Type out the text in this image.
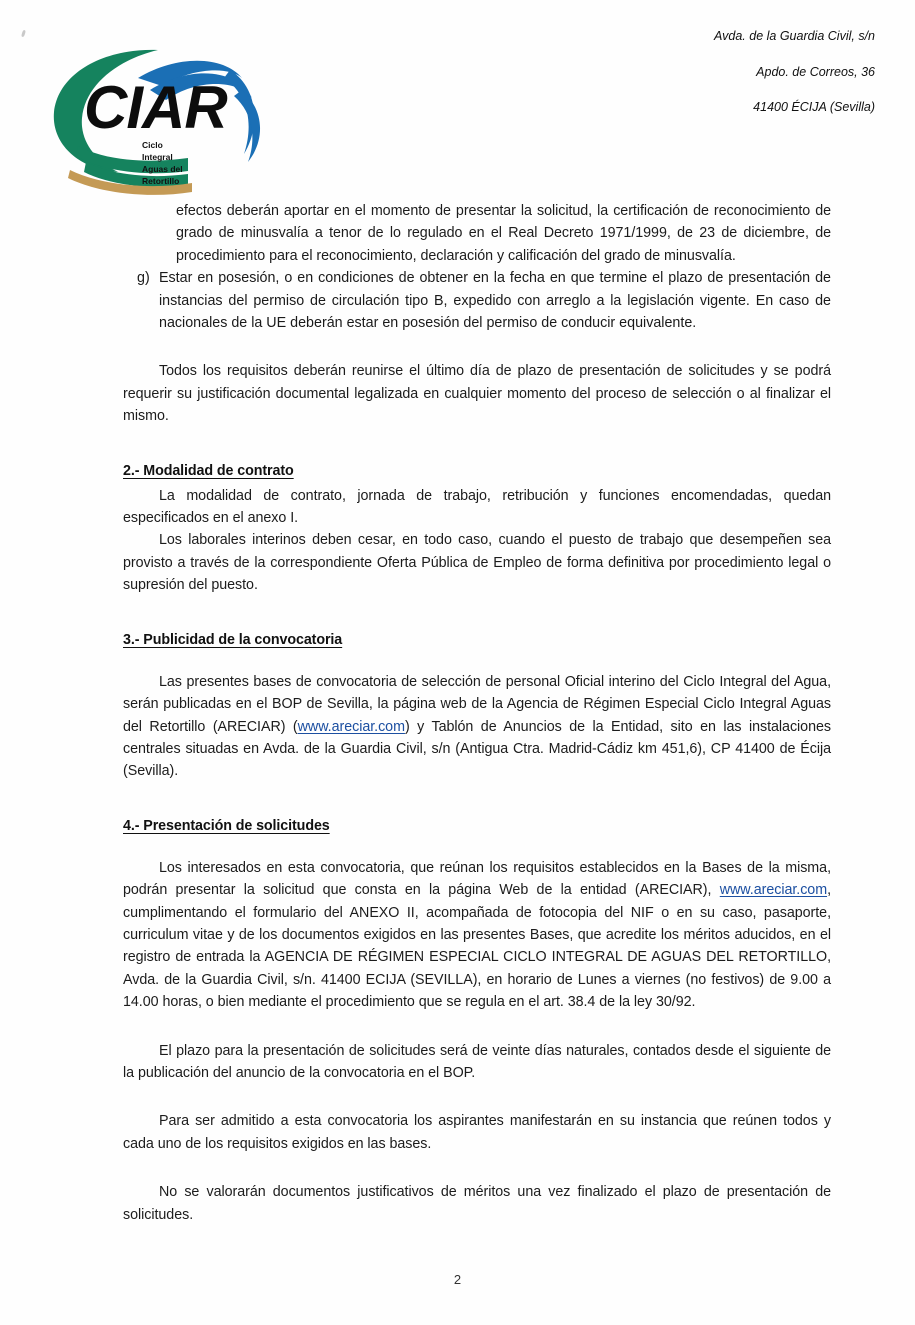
CIAR
Ciclo
Integral
Aguas del
Retortillo
Avda. de la Guardia Civil, s/n
Apdo. de Correos, 36
41400 ÉCIJA (Sevilla)

efectos deberán aportar en el momento de presentar la solicitud, la certificación de reconocimiento de grado de minusvalía a tenor de lo regulado en el Real Decreto 1971/1999, de 23 de diciembre, de procedimiento para el reconocimiento, declaración y calificación del grado de minusvalía.

g) Estar en posesión, o en condiciones de obtener en la fecha en que termine el plazo de presentación de instancias del permiso de circulación tipo B, expedido con arreglo a la legislación vigente. En caso de nacionales de la UE deberán estar en posesión del permiso de conducir equivalente.

Todos los requisitos deberán reunirse el último día de plazo de presentación de solicitudes y se podrá requerir su justificación documental legalizada en cualquier momento del proceso de selección o al finalizar el mismo.

2.- Modalidad de contrato

La modalidad de contrato, jornada de trabajo, retribución y funciones encomendadas, quedan especificados en el anexo I.

Los laborales interinos deben cesar, en todo caso, cuando el puesto de trabajo que desempeñen sea provisto a través de la correspondiente Oferta Pública de Empleo de forma definitiva por procedimiento legal o supresión del puesto.

3.- Publicidad de la convocatoria

Las presentes bases de convocatoria de selección de personal Oficial interino del Ciclo Integral del Agua, serán publicadas en el BOP de Sevilla, la página web de la Agencia de Régimen Especial Ciclo Integral Aguas del Retortillo (ARECIAR) (www.areciar.com) y Tablón de Anuncios de la Entidad, sito en las instalaciones centrales situadas en Avda. de la Guardia Civil, s/n (Antigua Ctra. Madrid-Cádiz km 451,6), CP 41400 de Écija (Sevilla).

4.- Presentación de solicitudes

Los interesados en esta convocatoria, que reúnan los requisitos establecidos en la Bases de la misma, podrán presentar la solicitud que consta en la página Web de la entidad (ARECIAR), www.areciar.com, cumplimentando el formulario del ANEXO II, acompañada de fotocopia del NIF o en su caso, pasaporte, curriculum vitae y de los documentos exigidos en las presentes Bases, que acredite los méritos aducidos, en el registro de entrada la AGENCIA DE RÉGIMEN ESPECIAL CICLO INTEGRAL DE AGUAS DEL RETORTILLO, Avda. de la Guardia Civil, s/n. 41400 ECIJA (SEVILLA), en horario de Lunes a viernes (no festivos) de 9.00 a 14.00 horas, o bien mediante el procedimiento que se regula en el art. 38.4 de la ley 30/92.

El plazo para la presentación de solicitudes será de veinte días naturales, contados desde el siguiente de la publicación del anuncio de la convocatoria en el BOP.

Para ser admitido a esta convocatoria los aspirantes manifestarán en su instancia que reúnen todos y cada uno de los requisitos exigidos en las bases.

No se valorarán documentos justificativos de méritos una vez finalizado el plazo de presentación de solicitudes.

2
